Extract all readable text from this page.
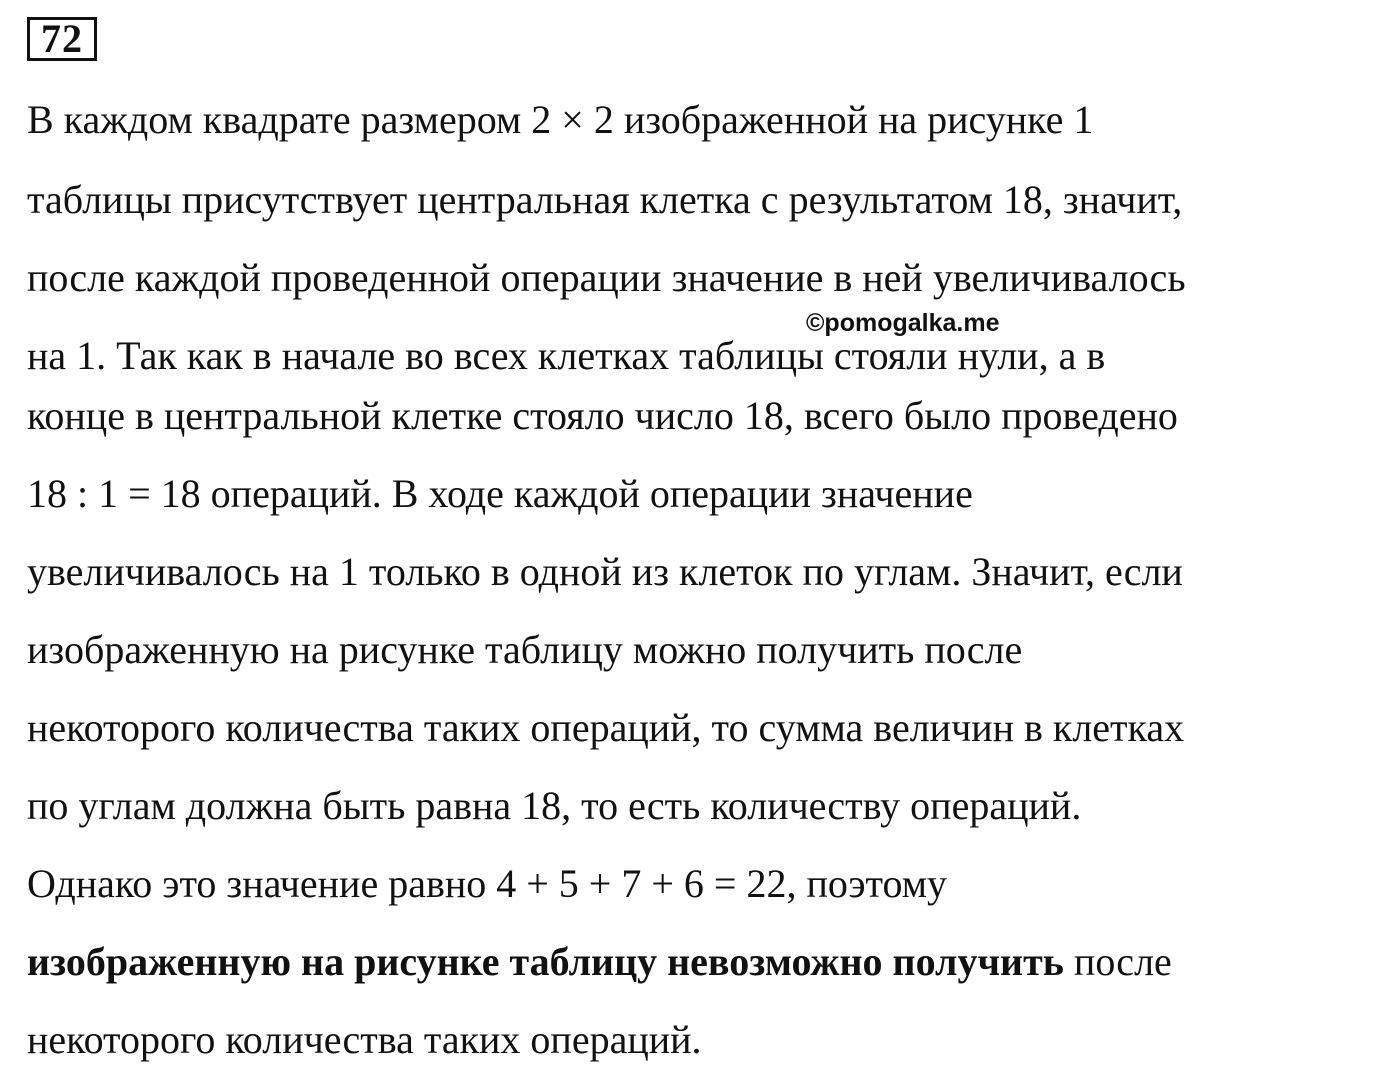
72
В каждом квадрате размером 2 × 2 изображенной на рисунке 1
таблицы присутствует центральная клетка с результатом 18, значит,
после каждой проведенной операции значение в ней увеличивалось
на 1. Так как в начале во всех клетках таблицы стояли нули, а в
конце в центральной клетке стояло число 18, всего было проведено
18 : 1 = 18 операций. В ходе каждой операции значение
увеличивалось на 1 только в одной из клеток по углам. Значит, если
изображенную на рисунке таблицу можно получить после
некоторого количества таких операций, то сумма величин в клетках
по углам должна быть равна 18, то есть количеству операций.
Однако это значение равно 4 + 5 + 7 + 6 = 22, поэтому
изображенную на рисунке таблицу невозможно получить после
некоторого количества таких операций.
©pomogalka.me
